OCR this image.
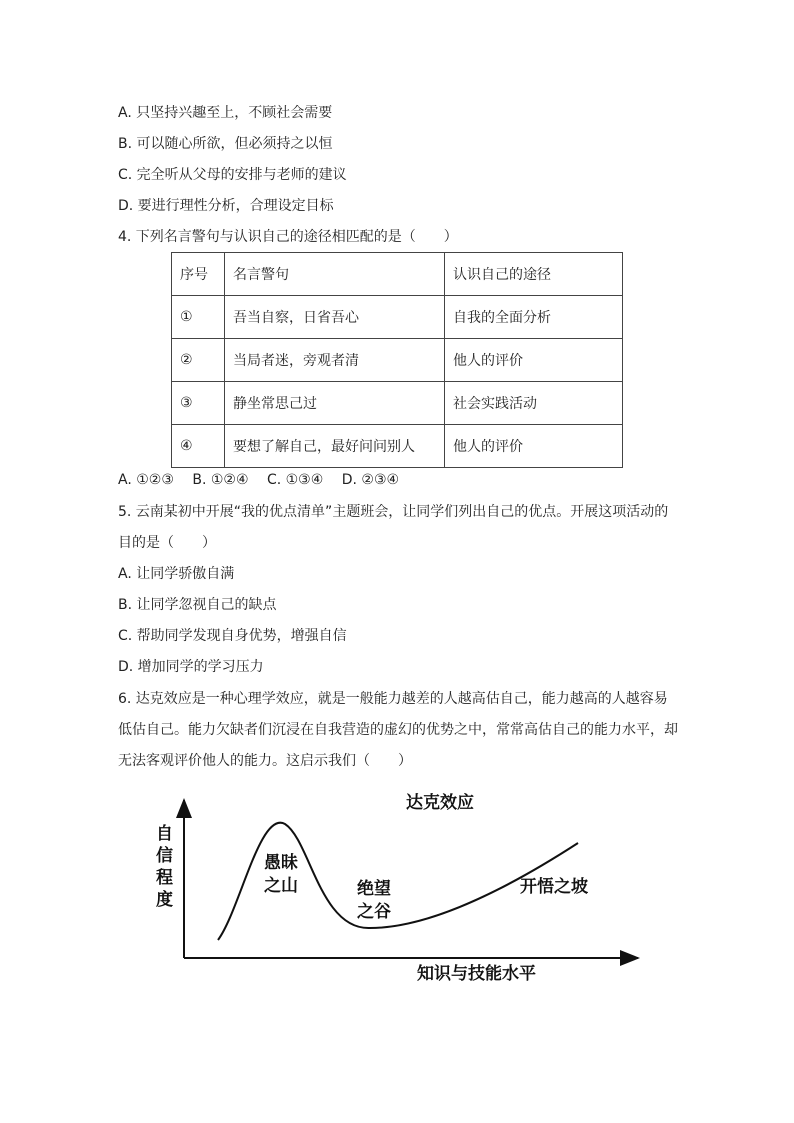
A. 只坚持兴趣至上，不顾社会需要
B. 可以随心所欲，但必须持之以恒
C. 完全听从父母的安排与老师的建议
D. 要进行理性分析，合理设定目标
4. 下列名言警句与认识自己的途径相匹配的是（　　）
序号	名言警句	认识自己的途径
①	吾当自察，日省吾心	自我的全面分析
②	当局者迷，旁观者清	他人的评价
③	静坐常思己过	社会实践活动
④	要想了解自己，最好问问别人	他人的评价
A. ①②③　 B. ①②④　 C. ①③④　 D. ②③④
5. 云南某初中开展“我的优点清单”主题班会，让同学们列出自己的优点。开展这项活动的
目的是（　　）
A. 让同学骄傲自满
B. 让同学忽视自己的缺点
C. 帮助同学发现自身优势，增强自信
D. 增加同学的学习压力
6. 达克效应是一种心理学效应，就是一般能力越差的人越高估自己，能力越高的人越容易
低估自己。能力欠缺者们沉浸在自我营造的虚幻的优势之中，常常高估自己的能力水平，却
无法客观评价他人的能力。这启示我们（　　）
达克效应
自
信
程
度
知识与技能水平
愚昧
之山	绝望
之谷
开悟之坡
